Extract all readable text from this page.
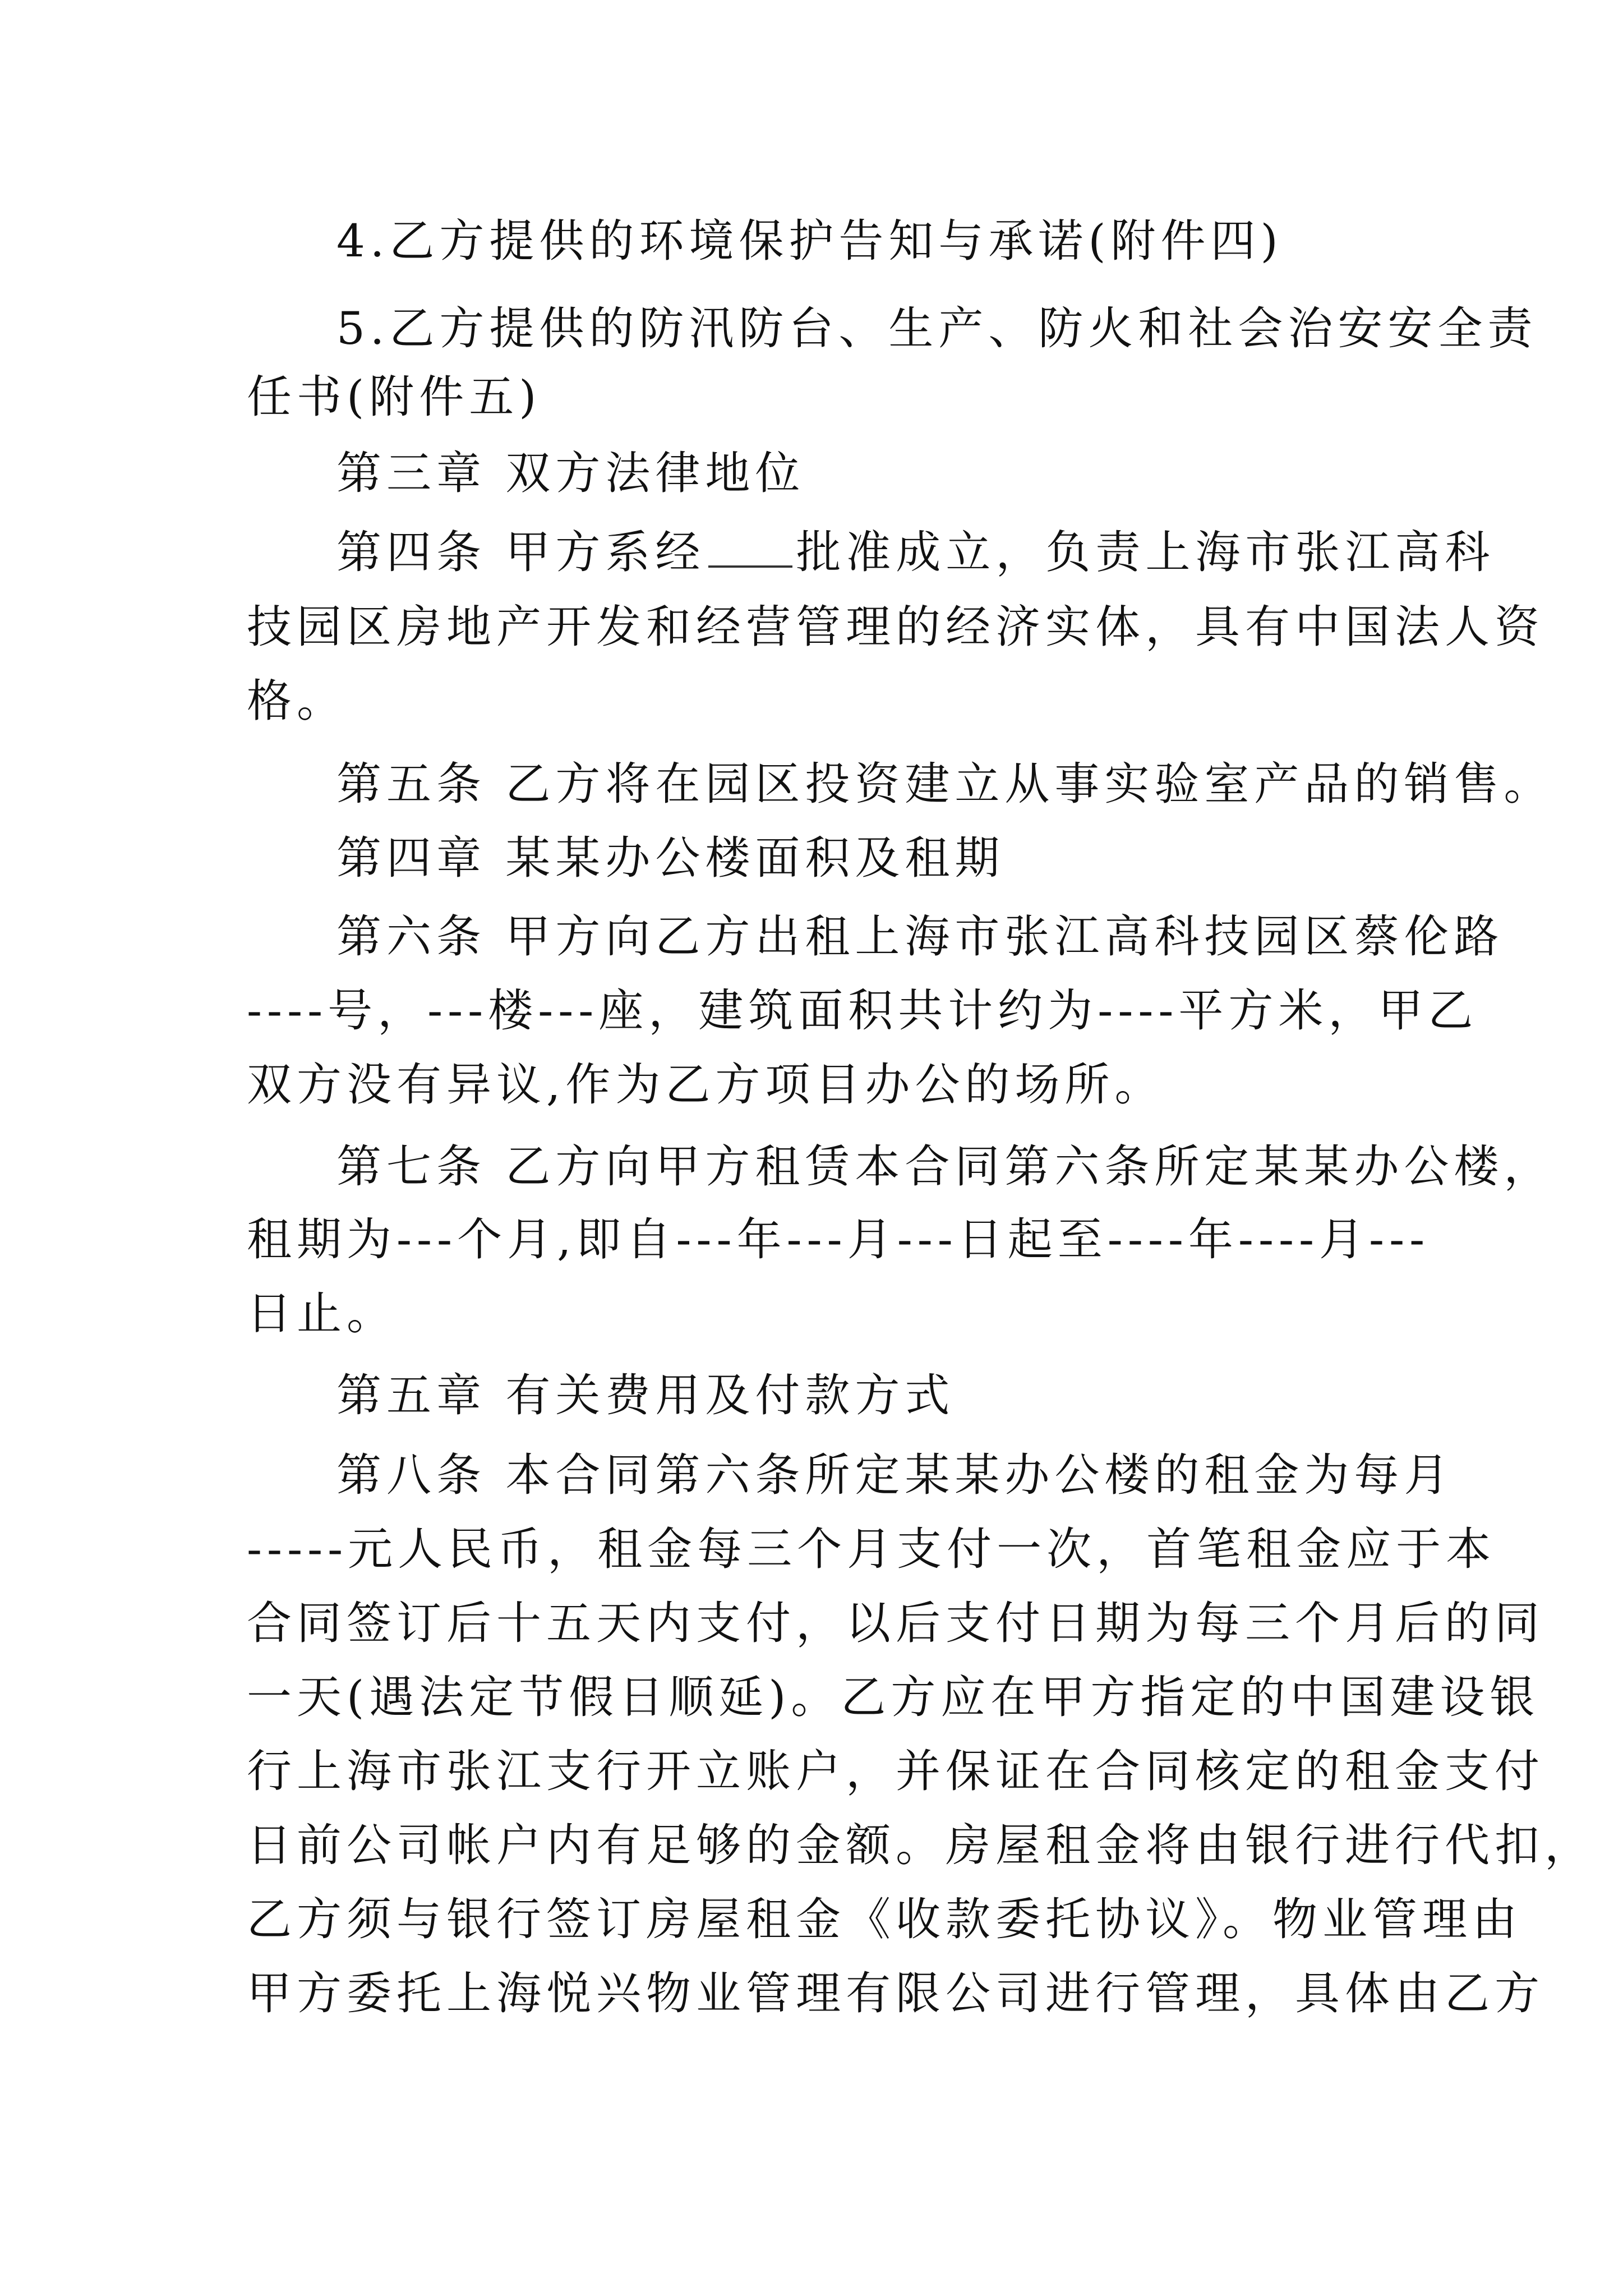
4.乙方提供的环境保护告知与承诺(附件四)
5.乙方提供的防汛防台、生产、防火和社会治安安全责
任书(附件五)
第三章 双方法律地位
第四条 甲方系经 批准成立，负责上海市张江高科
技园区房地产开发和经营管理的经济实体，具有中国法人资
格。
第五条 乙方将在园区投资建立从事实验室产品的销售。
第四章 某某办公楼面积及租期
第六条 甲方向乙方出租上海市张江高科技园区蔡伦路
----号，---楼---座，建筑面积共计约为----平方米，甲乙
双方没有异议,作为乙方项目办公的场所。
第七条 乙方向甲方租赁本合同第六条所定某某办公楼，
租期为---个月,即自---年---月---日起至----年----月---
日止。
第五章 有关费用及付款方式
第八条 本合同第六条所定某某办公楼的租金为每月
-----元人民币，租金每三个月支付一次，首笔租金应于本
合同签订后十五天内支付，以后支付日期为每三个月后的同
一天(遇法定节假日顺延)。乙方应在甲方指定的中国建设银
行上海市张江支行开立账户，并保证在合同核定的租金支付
日前公司帐户内有足够的金额。房屋租金将由银行进行代扣，
乙方须与银行签订房屋租金《收款委托协议》。物业管理由
甲方委托上海悦兴物业管理有限公司进行管理，具体由乙方
